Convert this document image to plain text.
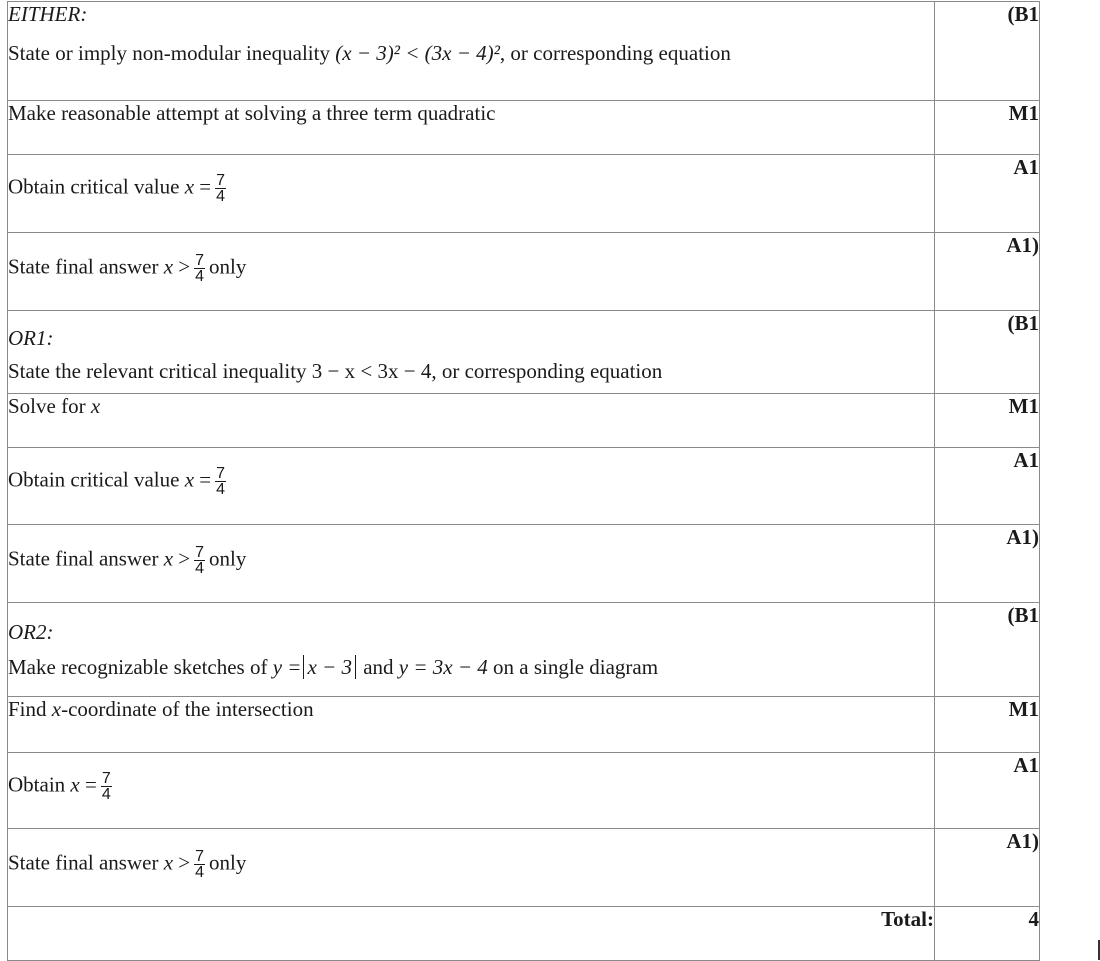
EITHER:
State or imply non-modular inequality (x − 3)² < (3x − 4)², or corresponding equation	(B1

Make reasonable attempt at solving a three term quadratic	M1

Obtain critical value $x = \frac{7}{4}$	A1

State final answer $x > \frac{7}{4}$ only	A1)

OR1:
State the relevant critical inequality 3 − x < 3x − 4, or corresponding equation	(B1

Solve for x	M1

Obtain critical value $x = \frac{7}{4}$	A1

State final answer $x > \frac{7}{4}$ only	A1)

OR2:
Make recognizable sketches of y = x − 3 and y = 3x − 4 on a single diagram	(B1

Find x-coordinate of the intersection	M1

Obtain $x = \frac{7}{4}$	A1

State final answer $x > \frac{7}{4}$ only	A1)
Total:	4
